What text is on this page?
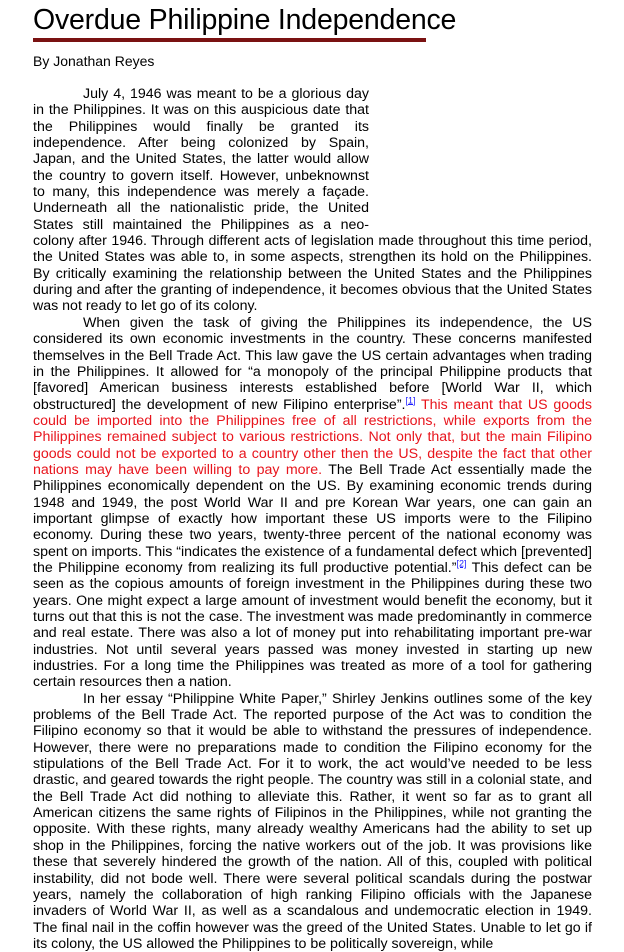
Overdue Philippine Independence
By Jonathan Reyes

July 4, 1946 was meant to be a glorious day in the Philippines. It was on this auspicious date that the Philippines would finally be granted its independence. After being colonized by Spain, Japan, and the United States, the latter would allow the country to govern itself. However, unbeknownst to many, this independence was merely a façade. Underneath all the nationalistic pride, the United States still maintained the Philippines as a neo-colony after 1946. Through different acts of legislation made throughout this time period, the United States was able to, in some aspects, strengthen its hold on the Philippines. By critically examining the relationship between the United States and the Philippines during and after the granting of independence, it becomes obvious that the United States was not ready to let go of its colony.

When given the task of giving the Philippines its independence, the US considered its own economic investments in the country. These concerns manifested themselves in the Bell Trade Act. This law gave the US certain advantages when trading in the Philippines. It allowed for “a monopoly of the principal Philippine products that [favored] American business interests established before [World War II, which obstructured] the development of new Filipino enterprise”.[1] This meant that US goods could be imported into the Philippines free of all restrictions, while exports from the Philippines remained subject to various restrictions. Not only that, but the main Filipino goods could not be exported to a country other then the US, despite the fact that other nations may have been willing to pay more. The Bell Trade Act essentially made the Philippines economically dependent on the US. By examining economic trends during 1948 and 1949, the post World War II and pre Korean War years, one can gain an important glimpse of exactly how important these US imports were to the Filipino economy. During these two years, twenty-three percent of the national economy was spent on imports. This “indicates the existence of a fundamental defect which [prevented] the Philippine economy from realizing its full productive potential.”[2] This defect can be seen as the copious amounts of foreign investment in the Philippines during these two years. One might expect a large amount of investment would benefit the economy, but it turns out that this is not the case. The investment was made predominantly in commerce and real estate. There was also a lot of money put into rehabilitating important pre-war industries. Not until several years passed was money invested in starting up new industries. For a long time the Philippines was treated as more of a tool for gathering certain resources then a nation.

In her essay “Philippine White Paper,” Shirley Jenkins outlines some of the key problems of the Bell Trade Act. The reported purpose of the Act was to condition the Filipino economy so that it would be able to withstand the pressures of independence. However, there were no preparations made to condition the Filipino economy for the stipulations of the Bell Trade Act. For it to work, the act would’ve needed to be less drastic, and geared towards the right people. The country was still in a colonial state, and the Bell Trade Act did nothing to alleviate this. Rather, it went so far as to grant all American citizens the same rights of Filipinos in the Philippines, while not granting the opposite. With these rights, many already wealthy Americans had the ability to set up shop in the Philippines, forcing the native workers out of the job. It was provisions like these that severely hindered the growth of the nation. All of this, coupled with political instability, did not bode well. There were several political scandals during the postwar years, namely the collaboration of high ranking Filipino officials with the Japanese invaders of World War II, as well as a scandalous and undemocratic election in 1949. The final nail in the coffin however was the greed of the United States. Unable to let go if its colony, the US allowed the Philippines to be politically sovereign, while
